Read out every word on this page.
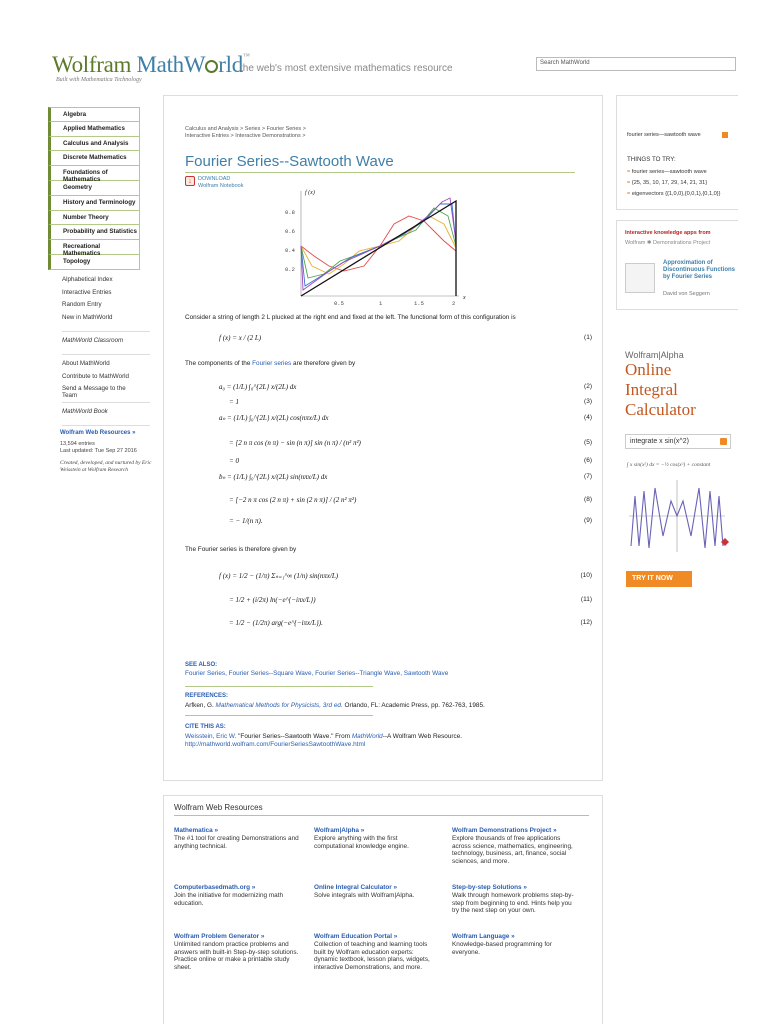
Wolfram MathW rld™
Built with Mathematica Technology
the web's most extensive mathematics resource	Search MathWorld
Algebra
Applied Mathematics
Calculus and Analysis
Discrete Mathematics
Foundations of Mathematics
Geometry
History and Terminology
Number Theory
Probability and Statistics
Recreational Mathematics
Topology
Alphabetical Index
Interactive Entries
Random Entry
New in MathWorld
MathWorld Classroom
About MathWorld
Contribute to MathWorld
Send a Message to the Team
MathWorld Book
Wolfram Web Resources »
13,594 entries
Last updated: Tue Sep 27 2016
Created, developed, and nurtured by Eric Weisstein at Wolfram Research
Calculus and Analysis > Series > Fourier Series >
Interactive Entries > Interactive Demonstrations >
Fourier Series--Sawtooth Wave
↓ DOWNLOAD
Wolfram Notebook
f (x)
x
0.8
0.6
0.4
0.2
0.5	1	1.5	2
Consider a string of length 2 L plucked at the right end and fixed at the left. The functional form of this configuration is
f (x) = x / (2 L)	(1)
a₀ = (1/L) ∫₀^{2L} x/(2L) dx	(2)
= 1	(3)
aₙ = (1/L) ∫₀^{2L} x/(2L) cos(nπx/L) dx	(4)
= [2 n π cos (n π) − sin (n π)] sin (n π) / (n² π²)	(5)
= 0	(6)
bₙ = (1/L) ∫₀^{2L} x/(2L) sin(nπx/L) dx	(7)
= [−2 n π cos (2 n π) + sin (2 n π)] / (2 n² π²)	(8)
= − 1/(n π).	(9)
f (x) = 1/2 − (1/π) Σₙ₌₁^∞ (1/n) sin(nπx/L)	(10)
= 1/2 + (i/2π) ln(−e^{−iπx/L})	(11)
= 1/2 − (1/2π) arg(−e^{−iπx/L}).	(12)
The components of the Fourier series are therefore given by
The Fourier series is therefore given by
SEE ALSO:
Fourier Series, Fourier Series--Square Wave, Fourier Series--Triangle Wave, Sawtooth Wave
REFERENCES:
Arfken, G. Mathematical Methods for Physicists, 3rd ed. Orlando, FL: Academic Press, pp. 762-763, 1985.
CITE THIS AS:
Weisstein, Eric W. "Fourier Series--Sawtooth Wave." From MathWorld--A Wolfram Web Resource.
http://mathworld.wolfram.com/FourierSeriesSawtoothWave.html
fourier series—sawtooth wave
THINGS TO TRY:
= fourier series—sawtooth wave
= {25, 35, 10, 17, 29, 14, 21, 31}
= eigenvectors {{1,0,0},{0,0,1},{0,1,0}}
Interactive knowledge apps from
Wolfram ✱ Demonstrations Project
Approximation of Discontinuous Functions by Fourier Series
David von Seggern
Wolfram|Alpha
Online
Integral
Calculator
integrate x sin(x^2)
∫ x sin(x²) dx = −½ cos(x²) + constant
TRY IT NOW
Wolfram Web Resources
Mathematica »
The #1 tool for creating Demonstrations and anything technical.
Wolfram|Alpha »
Explore anything with the first computational knowledge engine.
Wolfram Demonstrations Project »
Explore thousands of free applications across science, mathematics, engineering, technology, business, art, finance, social sciences, and more.
Computerbasedmath.org »
Join the initiative for modernizing math education.
Online Integral Calculator »
Solve integrals with Wolfram|Alpha.
Step-by-step Solutions »
Walk through homework problems step-by-step from beginning to end. Hints help you try the next step on your own.
Wolfram Problem Generator »
Unlimited random practice problems and answers with built-in Step-by-step solutions. Practice online or make a printable study sheet.
Wolfram Education Portal »
Collection of teaching and learning tools built by Wolfram education experts: dynamic textbook, lesson plans, widgets, interactive Demonstrations, and more.
Wolfram Language »
Knowledge-based programming for everyone.
